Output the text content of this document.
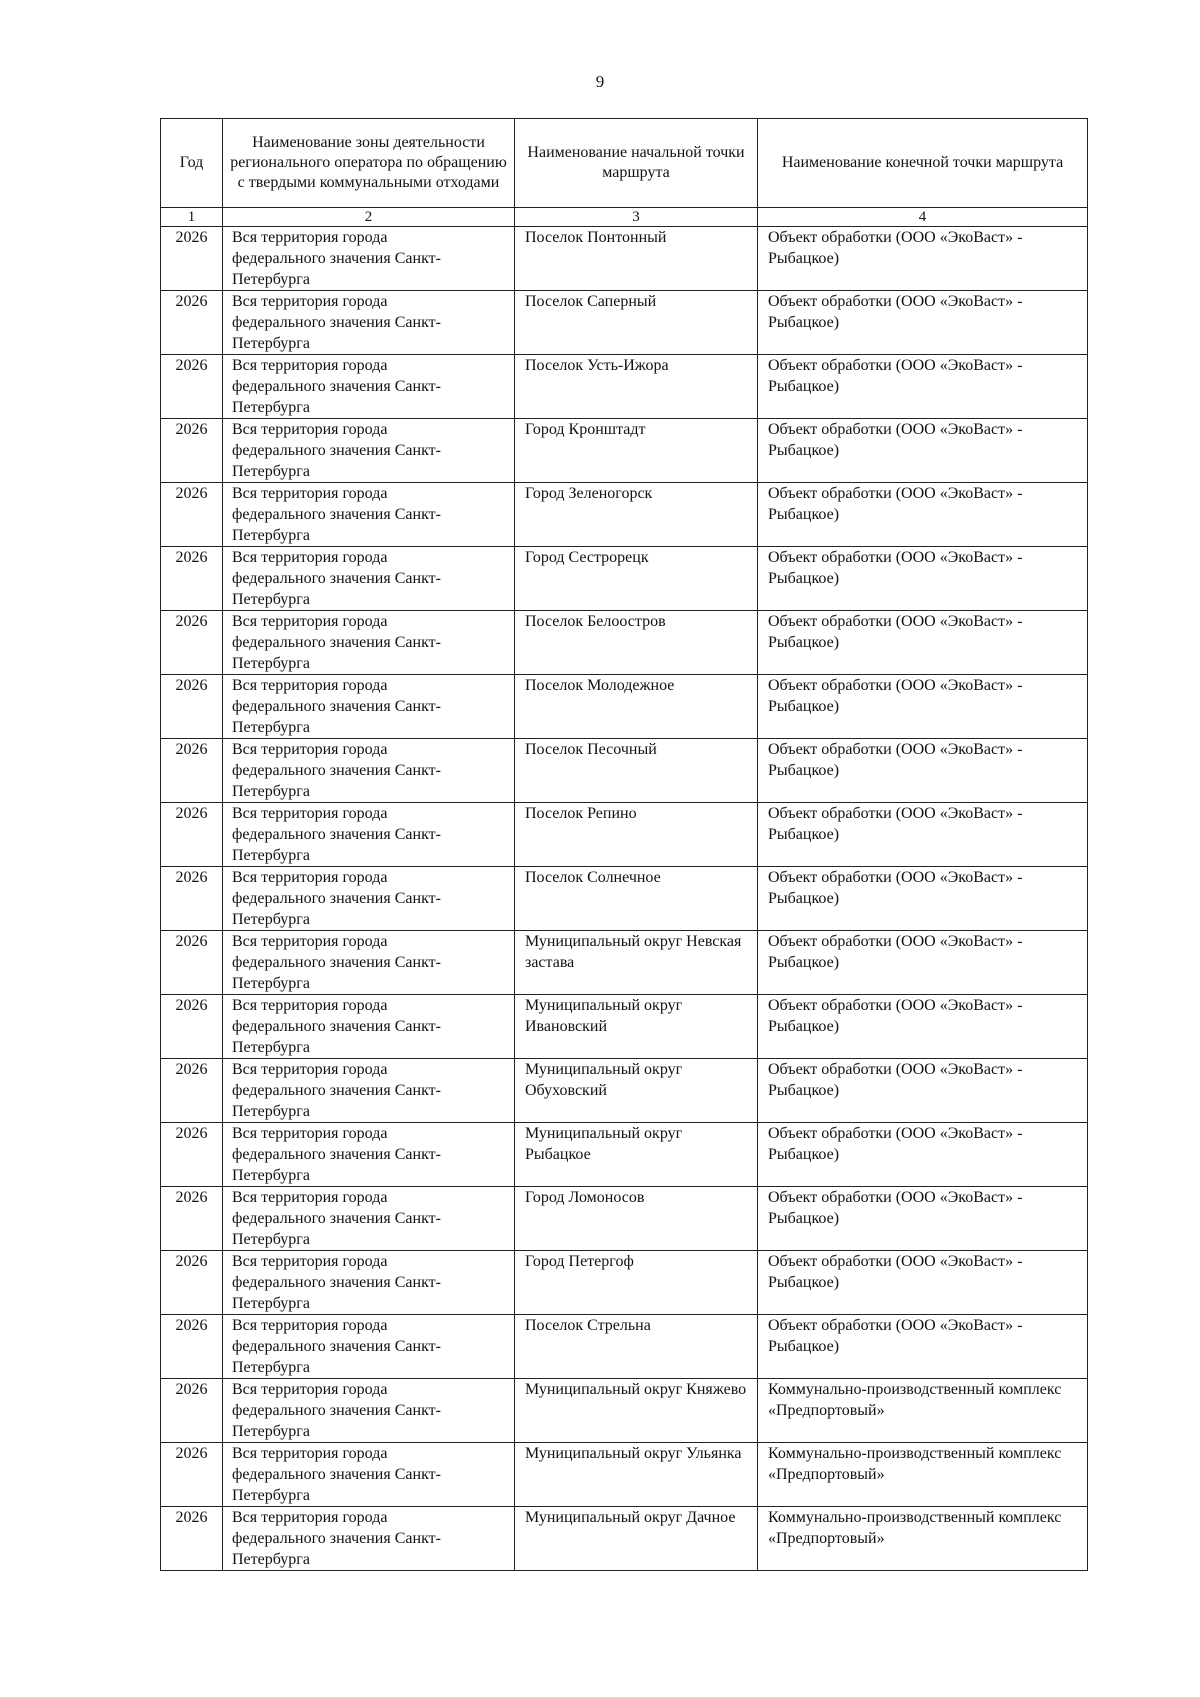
9
Год	Наименование зоны деятельности регионального оператора по обращению с твердыми коммунальными отходами	Наименование начальной точки маршрута	Наименование конечной точки маршрута
1	2	3	4
2026	Вся территория города федерального значения Санкт-Петербурга	Поселок Понтонный	Объект обработки (ООО «ЭкоВаст» - Рыбацкое)
2026	Вся территория города федерального значения Санкт-Петербурга	Поселок Саперный	Объект обработки (ООО «ЭкоВаст» - Рыбацкое)
2026	Вся территория города федерального значения Санкт-Петербурга	Поселок Усть-Ижора	Объект обработки (ООО «ЭкоВаст» - Рыбацкое)
2026	Вся территория города федерального значения Санкт-Петербурга	Город Кронштадт	Объект обработки (ООО «ЭкоВаст» - Рыбацкое)
2026	Вся территория города федерального значения Санкт-Петербурга	Город Зеленогорск	Объект обработки (ООО «ЭкоВаст» - Рыбацкое)
2026	Вся территория города федерального значения Санкт-Петербурга	Город Сестрорецк	Объект обработки (ООО «ЭкоВаст» - Рыбацкое)
2026	Вся территория города федерального значения Санкт-Петербурга	Поселок Белоостров	Объект обработки (ООО «ЭкоВаст» - Рыбацкое)
2026	Вся территория города федерального значения Санкт-Петербурга	Поселок Молодежное	Объект обработки (ООО «ЭкоВаст» - Рыбацкое)
2026	Вся территория города федерального значения Санкт-Петербурга	Поселок Песочный	Объект обработки (ООО «ЭкоВаст» - Рыбацкое)
2026	Вся территория города федерального значения Санкт-Петербурга	Поселок Репино	Объект обработки (ООО «ЭкоВаст» - Рыбацкое)
2026	Вся территория города федерального значения Санкт-Петербурга	Поселок Солнечное	Объект обработки (ООО «ЭкоВаст» - Рыбацкое)
2026	Вся территория города федерального значения Санкт-Петербурга	Муниципальный округ Невская застава	Объект обработки (ООО «ЭкоВаст» - Рыбацкое)
2026	Вся территория города федерального значения Санкт-Петербурга	Муниципальный округ Ивановский	Объект обработки (ООО «ЭкоВаст» - Рыбацкое)
2026	Вся территория города федерального значения Санкт-Петербурга	Муниципальный округ Обуховский	Объект обработки (ООО «ЭкоВаст» - Рыбацкое)
2026	Вся территория города федерального значения Санкт-Петербурга	Муниципальный округ Рыбацкое	Объект обработки (ООО «ЭкоВаст» - Рыбацкое)
2026	Вся территория города федерального значения Санкт-Петербурга	Город Ломоносов	Объект обработки (ООО «ЭкоВаст» - Рыбацкое)
2026	Вся территория города федерального значения Санкт-Петербурга	Город Петергоф	Объект обработки (ООО «ЭкоВаст» - Рыбацкое)
2026	Вся территория города федерального значения Санкт-Петербурга	Поселок Стрельна	Объект обработки (ООО «ЭкоВаст» - Рыбацкое)
2026	Вся территория города федерального значения Санкт-Петербурга	Муниципальный округ Княжево	Коммунально-производственный комплекс «Предпортовый»
2026	Вся территория города федерального значения Санкт-Петербурга	Муниципальный округ Ульянка	Коммунально-производственный комплекс «Предпортовый»
2026	Вся территория города федерального значения Санкт-Петербурга	Муниципальный округ Дачное	Коммунально-производственный комплекс «Предпортовый»
